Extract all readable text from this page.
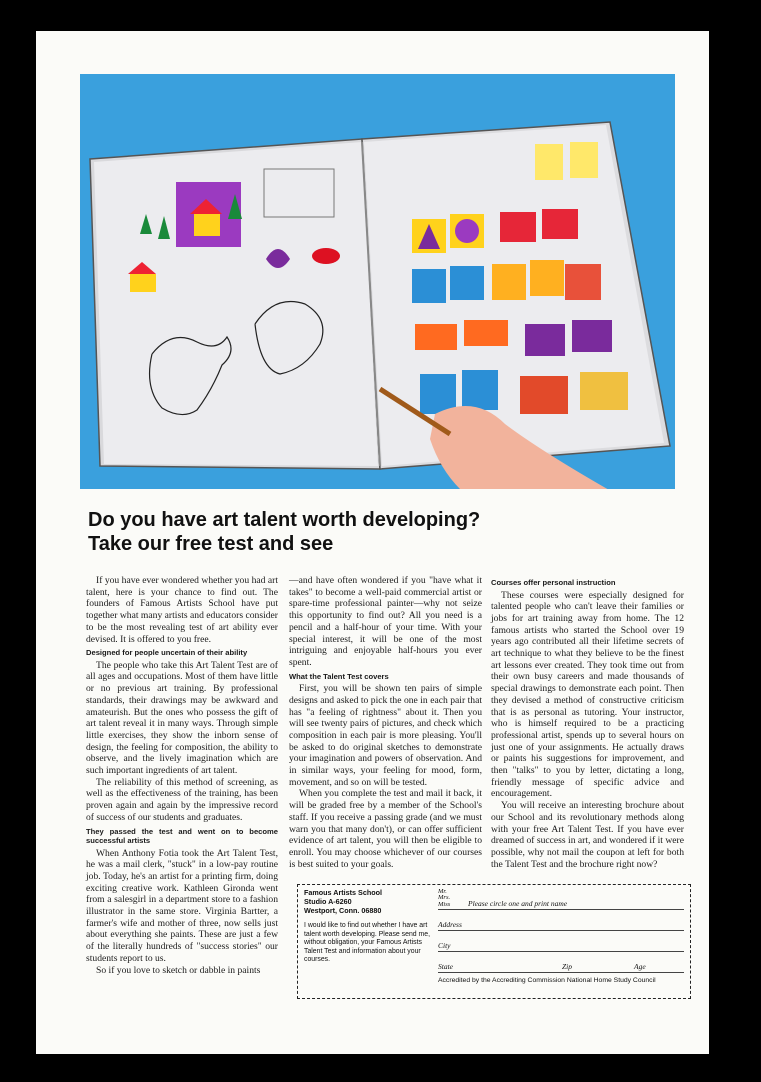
Do you have art talent worth developing?
Take our free test and see

If you have ever wondered whether you had art talent, here is your chance to find out. The founders of Famous Artists School have put together what many artists and educators consider to be the most revealing test of art ability ever devised. It is offered to you free.

Designed for people uncertain of their ability

The people who take this Art Talent Test are of all ages and occupations. Most of them have little or no previous art training. By professional standards, their drawings may be awkward and amateurish. But the ones who possess the gift of art talent reveal it in many ways. Through simple little exercises, they show the inborn sense of design, the feeling for composition, the ability to observe, and the lively imagination which are such important ingredients of art talent.

The reliability of this method of screening, as well as the effectiveness of the training, has been proven again and again by the impressive record of success of our students and graduates.

They passed the test and went on to become successful artists

When Anthony Fotia took the Art Talent Test, he was a mail clerk, "stuck" in a low-pay routine job. Today, he's an artist for a printing firm, doing exciting creative work. Kathleen Gironda went from a salesgirl in a department store to a fashion illustrator in the same store. Virginia Bartter, a farmer's wife and mother of three, now sells just about everything she paints. These are just a few of the literally hundreds of "success stories" our students report to us.

So if you love to sketch or dabble in paints

—and have often wondered if you "have what it takes" to become a well-paid commercial artist or spare-time professional painter—why not seize this opportunity to find out? All you need is a pencil and a half-hour of your time. With your special interest, it will be one of the most intriguing and enjoyable half-hours you ever spent.

What the Talent Test covers

First, you will be shown ten pairs of simple designs and asked to pick the one in each pair that has "a feeling of rightness" about it. Then you will see twenty pairs of pictures, and check which composition in each pair is more pleasing. You'll be asked to do original sketches to demonstrate your imagination and powers of observation. And in similar ways, your feeling for mood, form, movement, and so on will be tested.

When you complete the test and mail it back, it will be graded free by a member of the School's staff. If you receive a passing grade (and we must warn you that many don't), or can offer sufficient evidence of art talent, you will then be eligible to enroll. You may choose whichever of our courses is best suited to your goals.

Courses offer personal instruction

These courses were especially designed for talented people who can't leave their families or jobs for art training away from home. The 12 famous artists who started the School over 19 years ago contributed all their lifetime secrets of art technique to what they believe to be the finest art lessons ever created. They took time out from their own busy careers and made thousands of special drawings to demonstrate each point. Then they devised a method of constructive criticism that is as personal as tutoring. Your instructor, who is himself required to be a practicing professional artist, spends up to several hours on just one of your assignments. He actually draws or paints his suggestions for improvement, and then "talks" to you by letter, dictating a long, friendly message of specific advice and encouragement.

You will receive an interesting brochure about our School and its revolutionary methods along with your free Art Talent Test. If you have ever dreamed of success in art, and wondered if it were possible, why not mail the coupon at left for both the Talent Test and the brochure right now?

Famous Artists School
Studio A-6260
Westport, Conn. 06880
I would like to find out whether I have art talent worth developing. Please send me, without obligation, your Famous Artists Talent Test and information about your courses.
Mr. Mrs. Miss	Please circle one and print name
Address
City
State	Zip	Age
Accredited by the Accrediting Commission National Home Study Council
